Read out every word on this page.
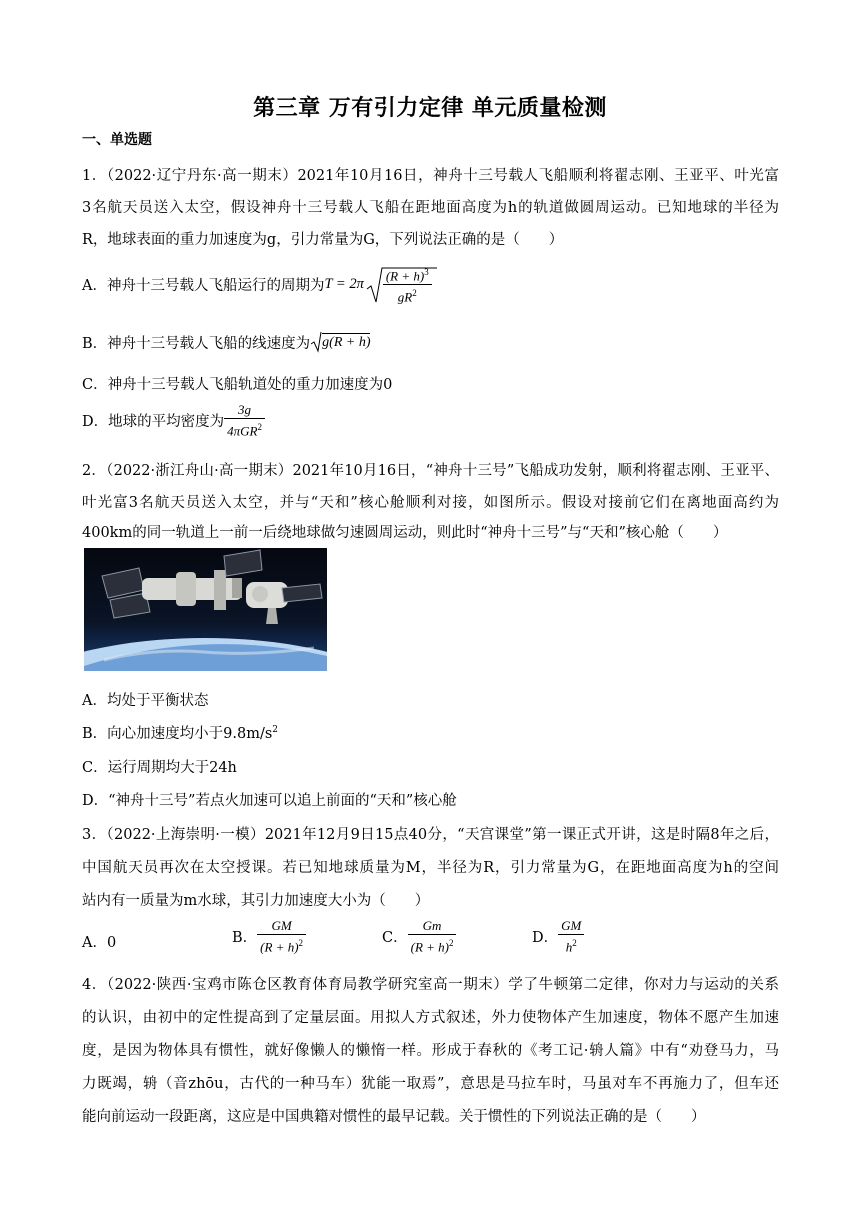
第三章 万有引力定律 单元质量检测
一、单选题
1．（2022·辽宁丹东·高一期末）2021年10月16日，神舟十三号载人飞船顺利将翟志刚、王亚平、叶光富
3名航天员送入太空，假设神舟十三号载人飞船在距地面高度为h的轨道做圆周运动。已知地球的半径为
R，地球表面的重力加速度为g，引力常量为G，下列说法正确的是（　　）
A．神舟十三号载人飞船运行的周期为 $T = 2\pi \frac{(R + h)^3}{gR^2}$
B．神舟十三号载人飞船的线速度为 g(R + h)
C．神舟十三号载人飞船轨道处的重力加速度为0
D．地球的平均密度为 $\frac{3g}{4\pi GR^2}$
2．（2022·浙江舟山·高一期末）2021年10月16日，“神舟十三号”飞船成功发射，顺利将翟志刚、王亚平、
叶光富3名航天员送入太空，并与“天和”核心舱顺利对接，如图所示。假设对接前它们在离地面高约为
400km的同一轨道上一前一后绕地球做匀速圆周运动，则此时“神舟十三号”与“天和”核心舱（　　）
A．均处于平衡状态
B．向心加速度均小于$9.8m/s^2$
C．运行周期均大于24h
D．“神舟十三号”若点火加速可以追上前面的“天和”核心舱
3．（2022·上海崇明·一模）2021年12月9日15点40分，“天宫课堂”第一课正式开讲，这是时隔8年之后，
中国航天员再次在太空授课。若已知地球质量为M，半径为R，引力常量为G，在距地面高度为h的空间
站内有一质量为m水球，其引力加速度大小为（　　）
A．0	B． $\frac{GM}{(R + h)^2}$	C． $\frac{Gm}{(R + h)^2}$	D． $\frac{GM}{h^2}$
4．（2022·陕西·宝鸡市陈仓区教育体育局教学研究室高一期末）学了牛顿第二定律，你对力与运动的关系
的认识，由初中的定性提高到了定量层面。用拟人方式叙述，外力使物体产生加速度，物体不愿产生加速
度，是因为物体具有惯性，就好像懒人的懒惰一样。形成于春秋的《考工记·辀人篇》中有“劝登马力，马
力既竭，辀（音zhōu，古代的一种马车）犹能一取焉”，意思是马拉车时，马虽对车不再施力了，但车还
能向前运动一段距离，这应是中国典籍对惯性的最早记载。关于惯性的下列说法正确的是（　　）
